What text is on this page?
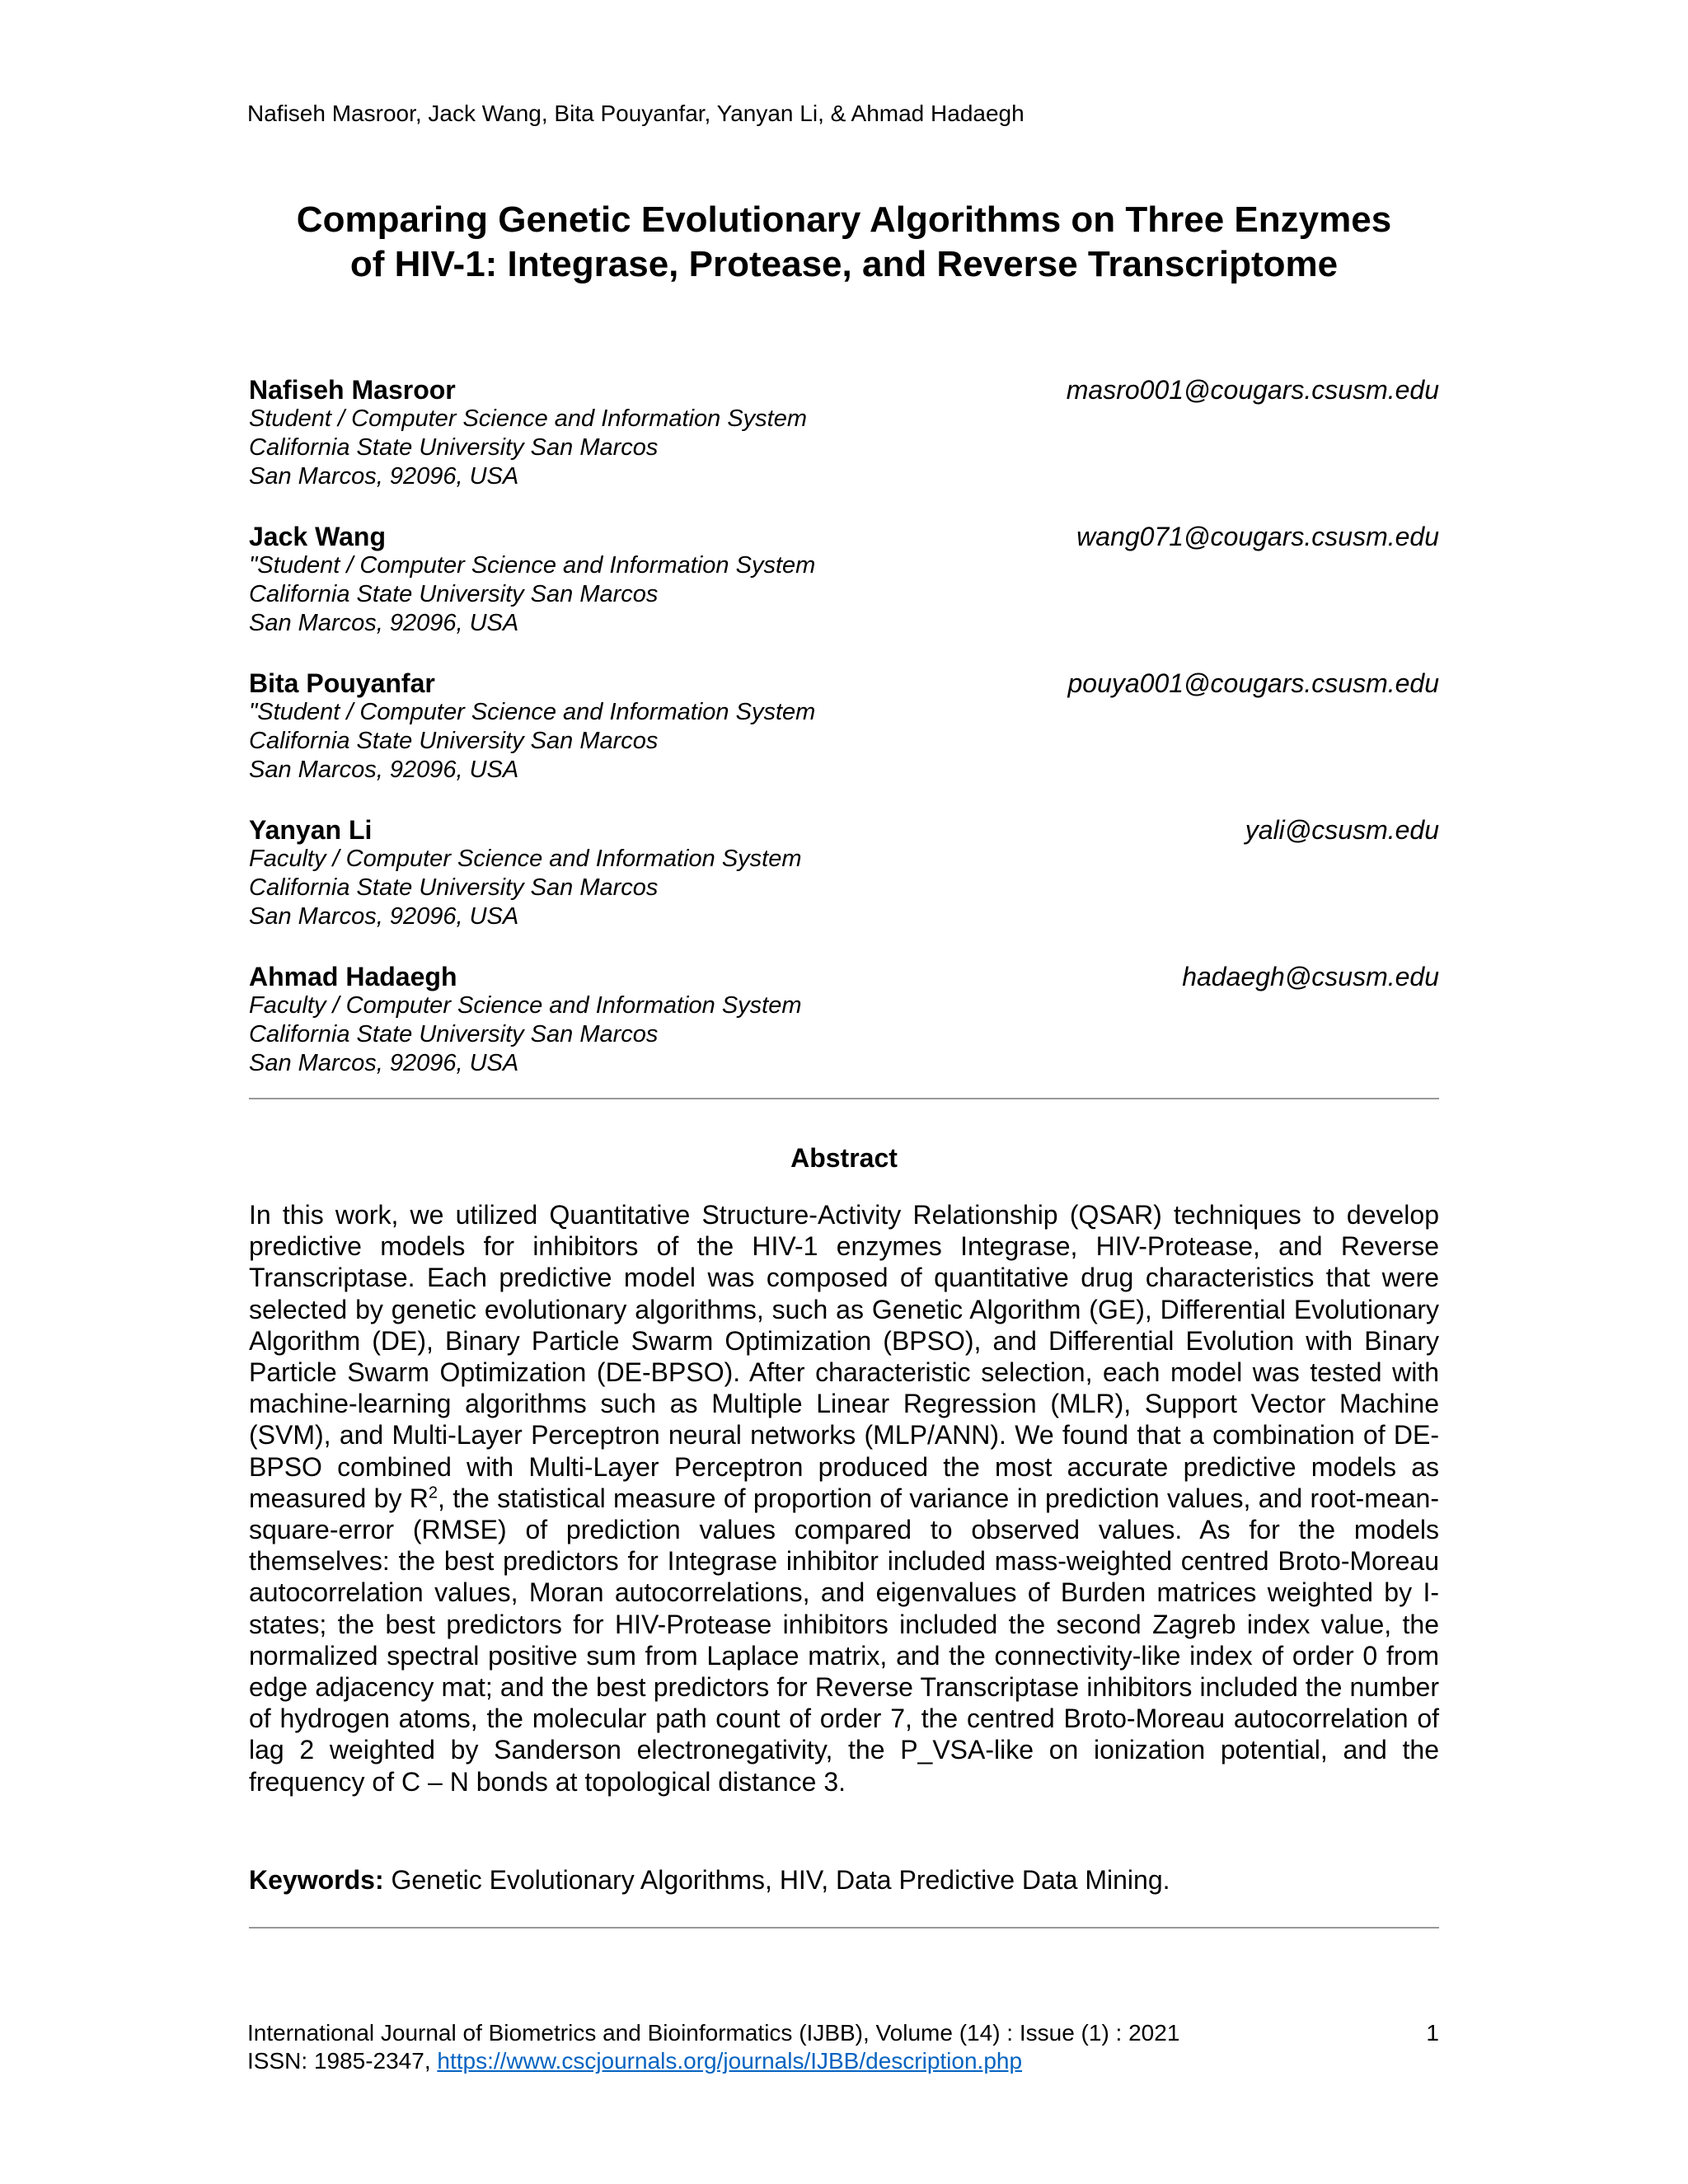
Nafiseh Masroor, Jack Wang, Bita Pouyanfar, Yanyan Li, & Ahmad Hadaegh
Comparing Genetic Evolutionary Algorithms on Three Enzymes
of HIV-1: Integrase, Protease, and Reverse Transcriptome
Nafiseh Masroor
Student / Computer Science and Information System
California State University San Marcos
San Marcos, 92096, USA
masro001@cougars.csusm.edu
Jack Wang
"Student / Computer Science and Information System
California State University San Marcos
San Marcos, 92096, USA
wang071@cougars.csusm.edu
Bita Pouyanfar
"Student / Computer Science and Information System
California State University San Marcos
San Marcos, 92096, USA
pouya001@cougars.csusm.edu
Yanyan Li
Faculty / Computer Science and Information System
California State University San Marcos
San Marcos, 92096, USA
yali@csusm.edu
Ahmad Hadaegh
Faculty / Computer Science and Information System
California State University San Marcos
San Marcos, 92096, USA
hadaegh@csusm.edu
Abstract
In this work, we utilized Quantitative Structure-Activity Relationship (QSAR) techniques to develop predictive models for inhibitors of the HIV-1 enzymes Integrase, HIV-Protease, and Reverse Transcriptase. Each predictive model was composed of quantitative drug characteristics that were selected by genetic evolutionary algorithms, such as Genetic Algorithm (GE), Differential Evolutionary Algorithm (DE), Binary Particle Swarm Optimization (BPSO), and Differential Evolution with Binary Particle Swarm Optimization (DE-BPSO). After characteristic selection, each model was tested with machine-learning algorithms such as Multiple Linear Regression (MLR), Support Vector Machine (SVM), and Multi-Layer Perceptron neural networks (MLP/ANN). We found that a combination of DE-BPSO combined with Multi-Layer Perceptron produced the most accurate predictive models as measured by $R^2$, the statistical measure of proportion of variance in prediction values, and root-mean-square-error (RMSE) of prediction values compared to observed values. As for the models themselves: the best predictors for Integrase inhibitor included mass-weighted centred Broto-Moreau autocorrelation values, Moran autocorrelations, and eigenvalues of Burden matrices weighted by I-states; the best predictors for HIV-Protease inhibitors included the second Zagreb index value, the normalized spectral positive sum from Laplace matrix, and the connectivity-like index of order 0 from edge adjacency mat; and the best predictors for Reverse Transcriptase inhibitors included the number of hydrogen atoms, the molecular path count of order 7, the centred Broto-Moreau autocorrelation of lag 2 weighted by Sanderson electronegativity, the P_VSA-like on ionization potential, and the frequency of C – N bonds at topological distance 3.
Keywords: Genetic Evolutionary Algorithms, HIV, Data Predictive Data Mining.
International Journal of Biometrics and Bioinformatics (IJBB), Volume (14) : Issue (1) : 2021	1
ISSN: 1985-2347, https://www.cscjournals.org/journals/IJBB/description.php
